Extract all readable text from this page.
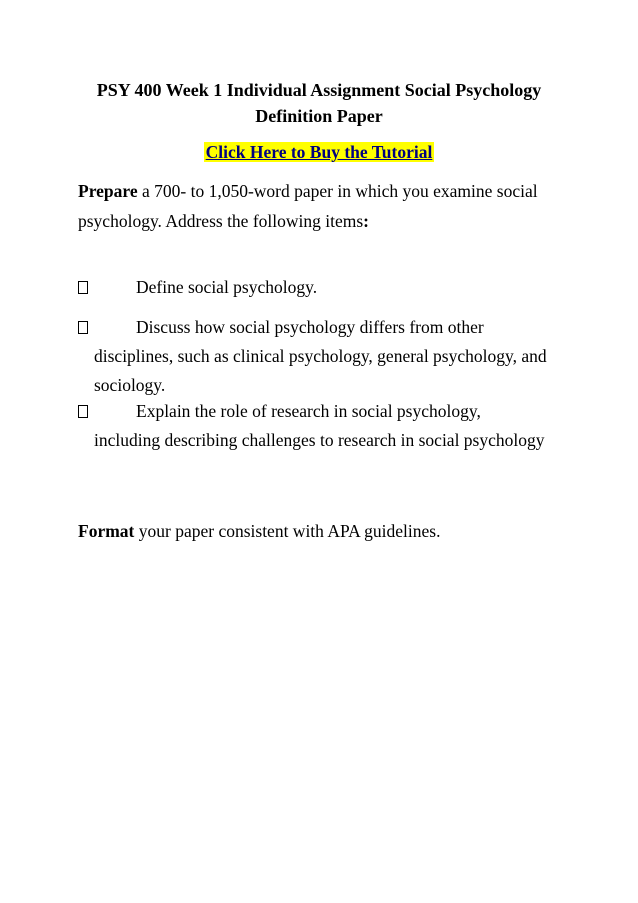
PSY 400 Week 1 Individual Assignment Social Psychology Definition Paper
Click Here to Buy the Tutorial
Prepare a 700- to 1,050-word paper in which you examine social psychology. Address the following items:
Define social psychology.
Discuss how social psychology differs from other disciplines, such as clinical psychology, general psychology, and sociology.
Explain the role of research in social psychology, including describing challenges to research in social psychology
Format your paper consistent with APA guidelines.
